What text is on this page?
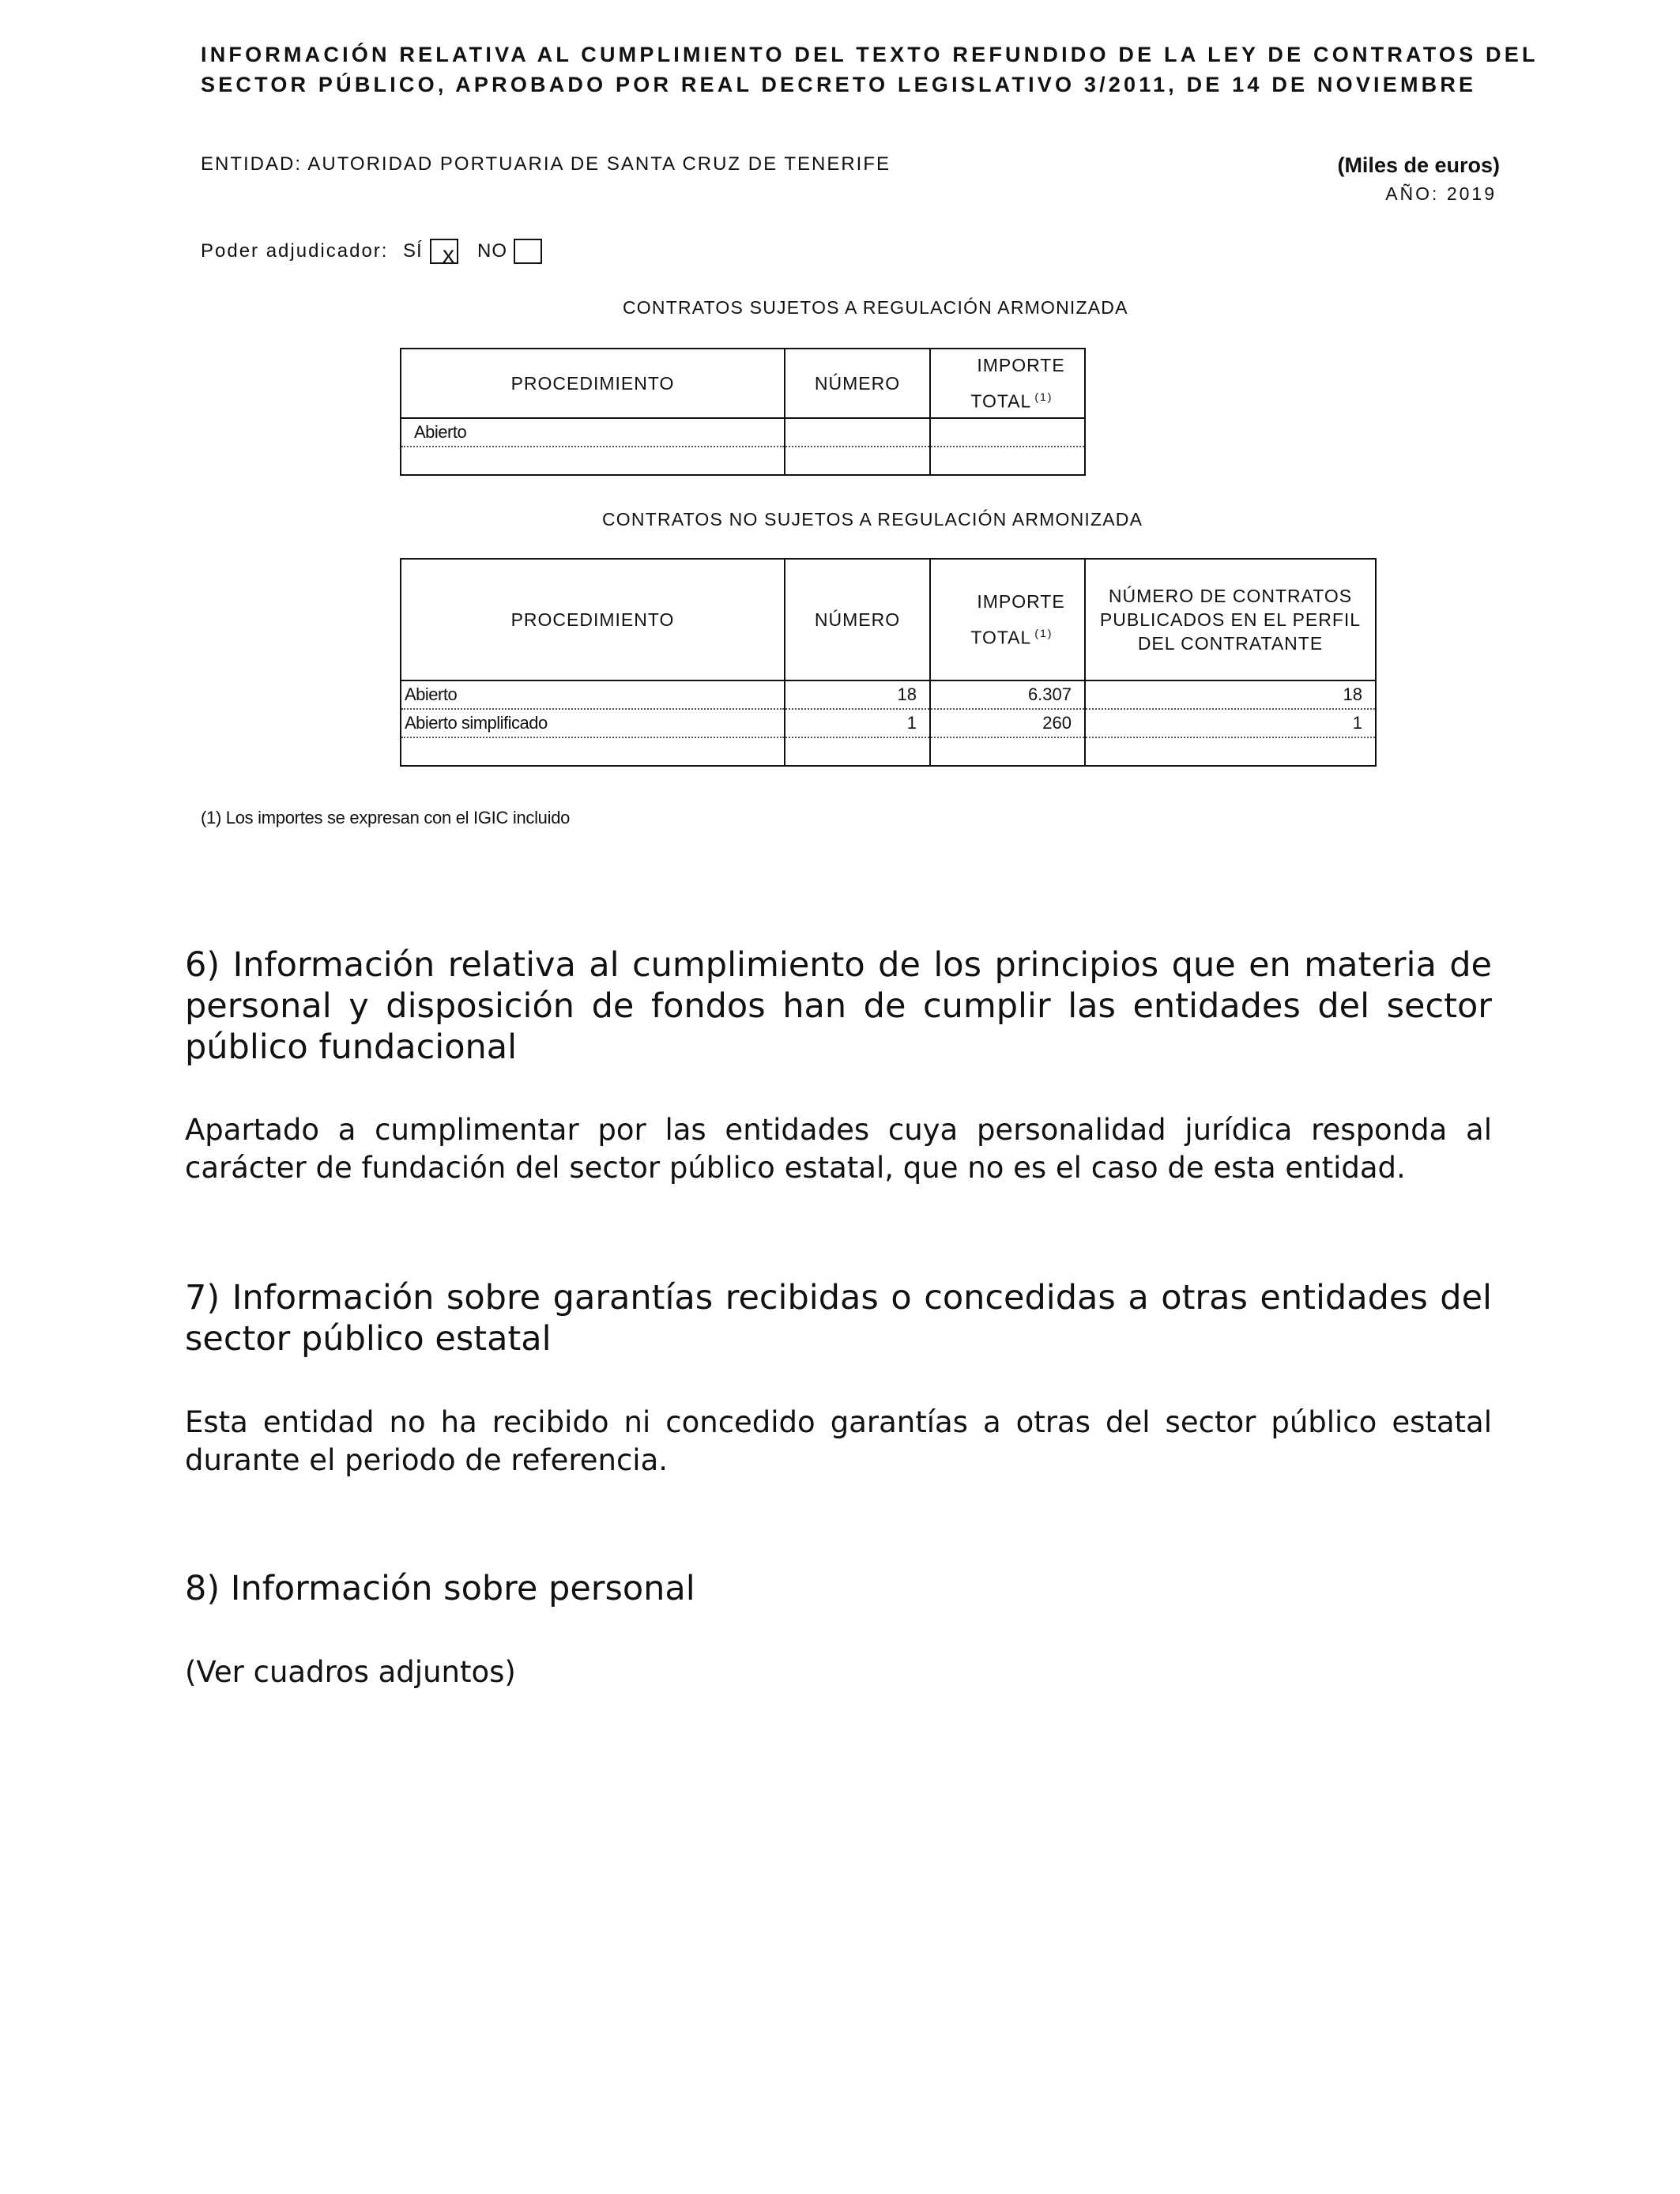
INFORMACIÓN RELATIVA AL CUMPLIMIENTO DEL TEXTO REFUNDIDO DE LA LEY DE CONTRATOS DEL
SECTOR PÚBLICO, APROBADO POR REAL DECRETO LEGISLATIVO 3/2011, DE 14 DE NOVIEMBRE
ENTIDAD: AUTORIDAD PORTUARIA DE SANTA CRUZ DE TENERIFE	(Miles de euros)
AÑO: 2019
Poder adjudicador: SÍ x NO
CONTRATOS SUJETOS A REGULACIÓN ARMONIZADA
PROCEDIMIENTO	NÚMERO	IMPORTE
TOTAL $^{(1)}$

Abierto		

CONTRATOS NO SUJETOS A REGULACIÓN ARMONIZADA
PROCEDIMIENTO	NÚMERO	IMPORTE
TOTAL $^{(1)}$	NÚMERO DE CONTRATOS
PUBLICADOS EN EL PERFIL
DEL CONTRATANTE

Abierto	18	6.307	18
Abierto simplificado	1	260	1

(1) Los importes se expresan con el IGIC incluido
6) Información relativa al cumplimiento de los principios que en materia de personal y disposición de fondos han de cumplir las entidades del sector público fundacional
Apartado a cumplimentar por las entidades cuya personalidad jurídica responda al carácter de fundación del sector público estatal, que no es el caso de esta entidad.
7) Información sobre garantías recibidas o concedidas a otras entidades del sector público estatal
Esta entidad no ha recibido ni concedido garantías a otras del sector público estatal durante el periodo de referencia.
8) Información sobre personal
(Ver cuadros adjuntos)
